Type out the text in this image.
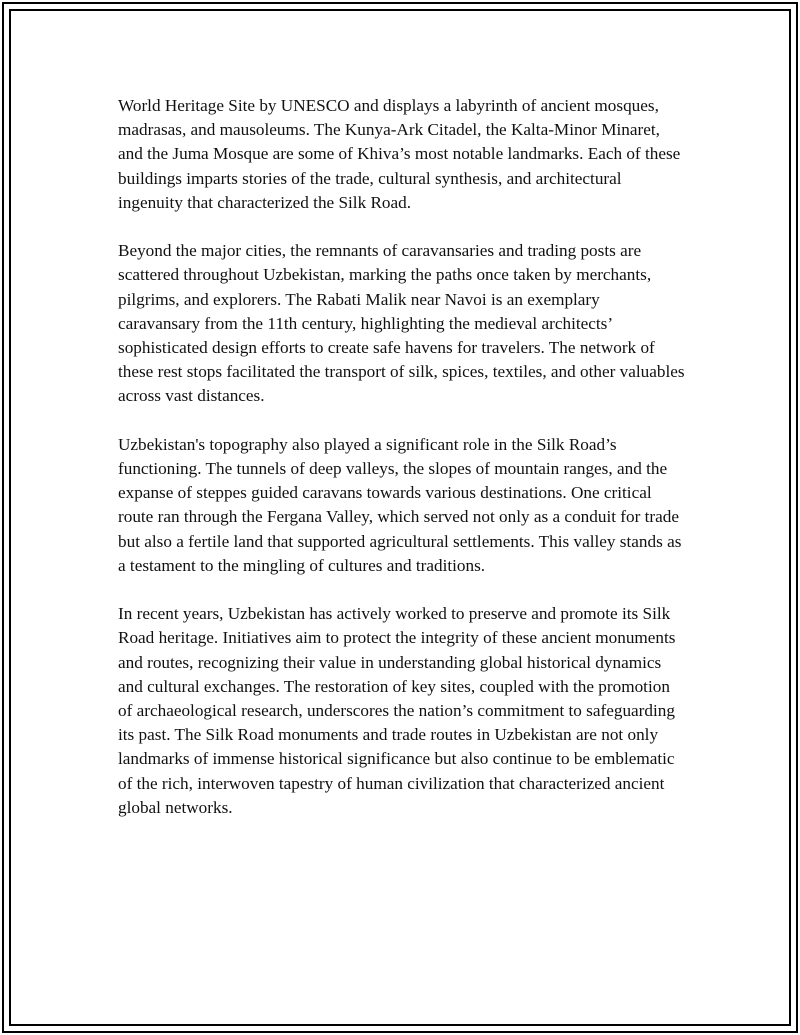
World Heritage Site by UNESCO and displays a labyrinth of ancient mosques, madrasas, and mausoleums. The Kunya-Ark Citadel, the Kalta-Minor Minaret, and the Juma Mosque are some of Khiva’s most notable landmarks. Each of these buildings imparts stories of the trade, cultural synthesis, and architectural ingenuity that characterized the Silk Road.

Beyond the major cities, the remnants of caravansaries and trading posts are scattered throughout Uzbekistan, marking the paths once taken by merchants, pilgrims, and explorers. The Rabati Malik near Navoi is an exemplary caravansary from the 11th century, highlighting the medieval architects’ sophisticated design efforts to create safe havens for travelers. The network of these rest stops facilitated the transport of silk, spices, textiles, and other valuables across vast distances.

Uzbekistan's topography also played a significant role in the Silk Road’s functioning. The tunnels of deep valleys, the slopes of mountain ranges, and the expanse of steppes guided caravans towards various destinations. One critical route ran through the Fergana Valley, which served not only as a conduit for trade but also a fertile land that supported agricultural settlements. This valley stands as a testament to the mingling of cultures and traditions.

In recent years, Uzbekistan has actively worked to preserve and promote its Silk Road heritage. Initiatives aim to protect the integrity of these ancient monuments and routes, recognizing their value in understanding global historical dynamics and cultural exchanges. The restoration of key sites, coupled with the promotion of archaeological research, underscores the nation’s commitment to safeguarding its past. The Silk Road monuments and trade routes in Uzbekistan are not only landmarks of immense historical significance but also continue to be emblematic of the rich, interwoven tapestry of human civilization that characterized ancient global networks.
